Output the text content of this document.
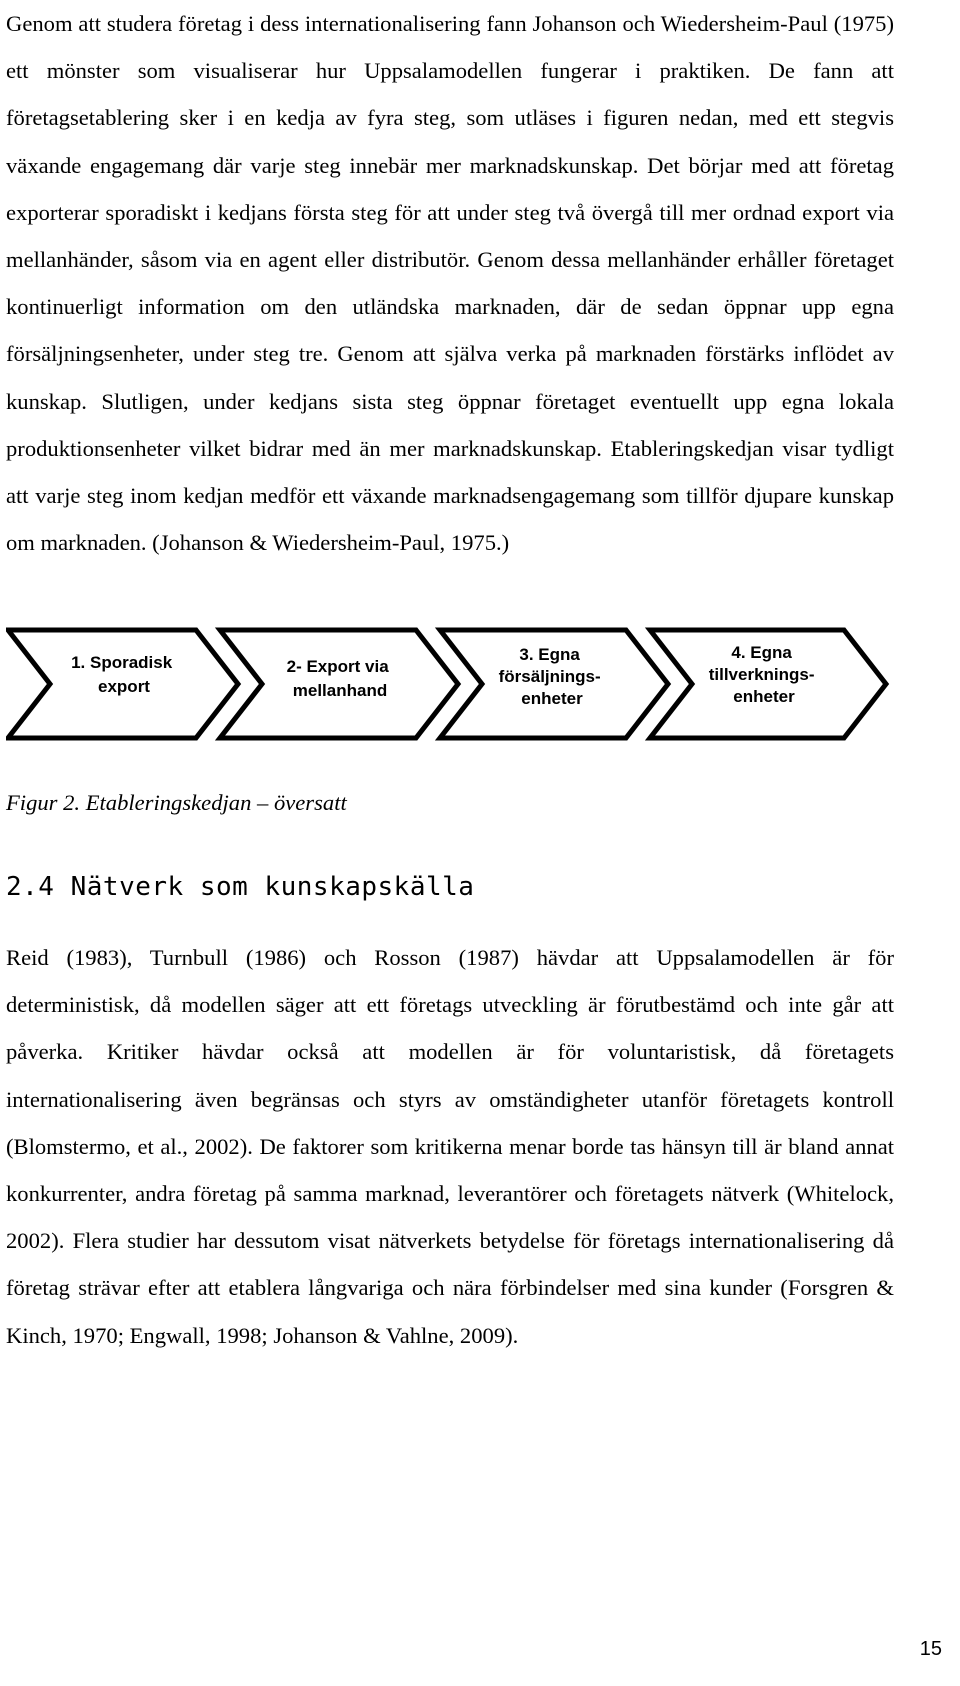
Genom att studera företag i dess internationalisering fann Johanson och Wiedersheim-Paul (1975) ett mönster som visualiserar hur Uppsalamodellen fungerar i praktiken. De fann att företagsetablering sker i en kedja av fyra steg, som utläses i figuren nedan, med ett stegvis växande engagemang där varje steg innebär mer marknadskunskap. Det börjar med att företag exporterar sporadiskt i kedjans första steg för att under steg två övergå till mer ordnad export via mellanhänder, såsom via en agent eller distributör. Genom dessa mellanhänder erhåller företaget kontinuerligt information om den utländska marknaden, där de sedan öppnar upp egna försäljningsenheter, under steg tre. Genom att själva verka på marknaden förstärks inflödet av kunskap. Slutligen, under kedjans sista steg öppnar företaget eventuellt upp egna lokala produktionsenheter vilket bidrar med än mer marknadskunskap. Etableringskedjan visar tydligt att varje steg inom kedjan medför ett växande marknadsengagemang som tillför djupare kunskap om marknaden. (Johanson & Wiedersheim-Paul, 1975.)

1. Sporadisk export
2- Export via mellanhand
3. Egna försäljnings- enheter
4. Egna tillverknings- enheter

Figur 2. Etableringskedjan – översatt

2.4 Nätverk som kunskapskälla

Reid (1983), Turnbull (1986) och Rosson (1987) hävdar att Uppsalamodellen är för deterministisk, då modellen säger att ett företags utveckling är förutbestämd och inte går att påverka. Kritiker hävdar också att modellen är för voluntaristisk, då företagets internationalisering även begränsas och styrs av omständigheter utanför företagets kontroll (Blomstermo, et al., 2002). De faktorer som kritikerna menar borde tas hänsyn till är bland annat konkurrenter, andra företag på samma marknad, leverantörer och företagets nätverk (Whitelock, 2002). Flera studier har dessutom visat nätverkets betydelse för företags internationalisering då företag strävar efter att etablera långvariga och nära förbindelser med sina kunder (Forsgren & Kinch, 1970; Engwall, 1998; Johanson & Vahlne, 2009).

15
